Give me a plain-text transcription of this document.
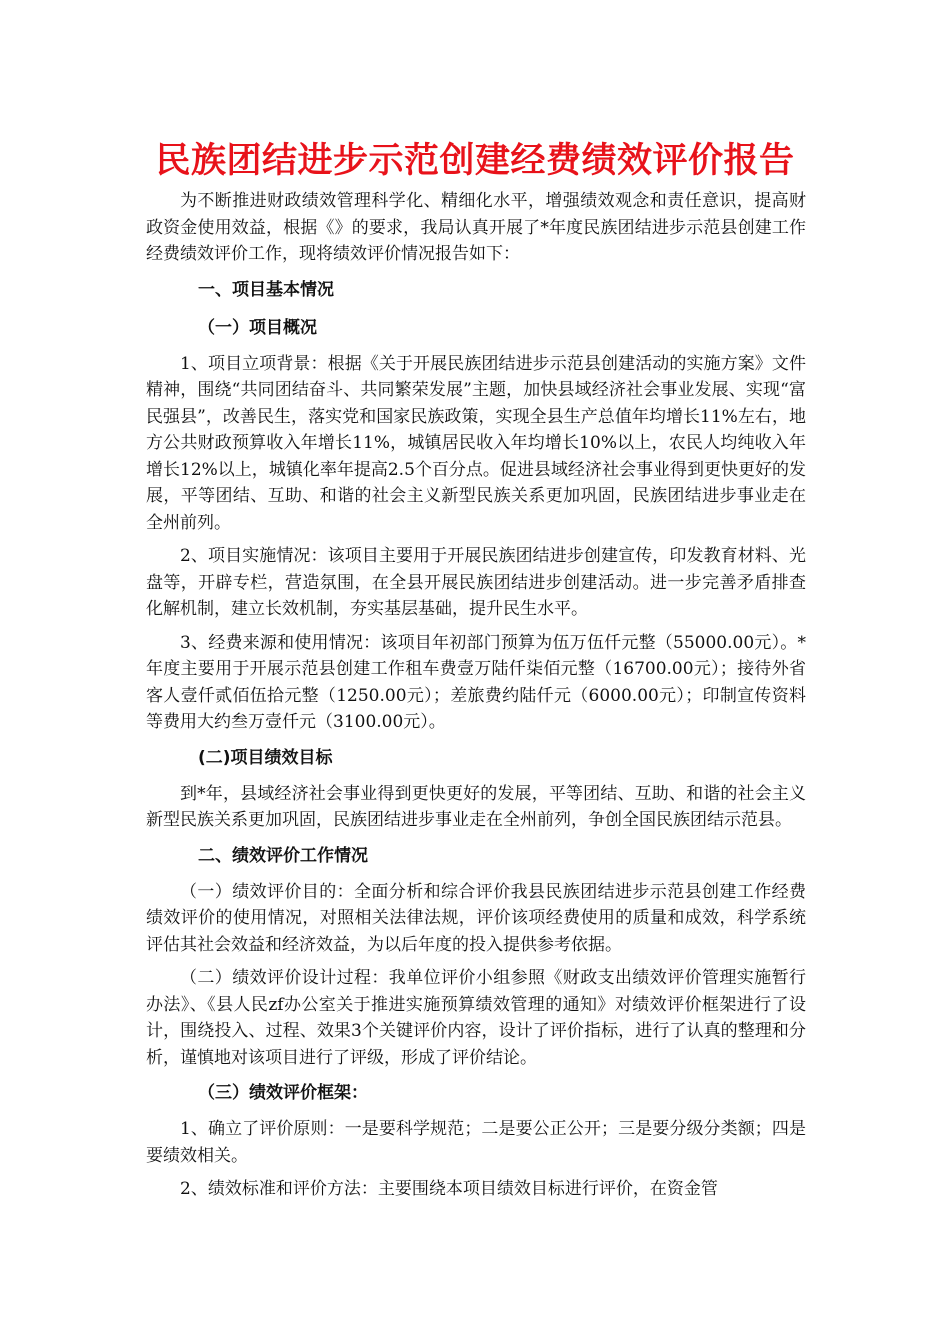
民族团结进步示范创建经费绩效评价报告

为不断推进财政绩效管理科学化、精细化水平，增强绩效观念和责任意识，提高财政资金使用效益，根据《》的要求，我局认真开展了*年度民族团结进步示范县创建工作经费绩效评价工作，现将绩效评价情况报告如下：

一、项目基本情况
（一）项目概况

1、项目立项背景：根据《关于开展民族团结进步示范县创建活动的实施方案》文件精神，围绕“共同团结奋斗、共同繁荣发展”主题，加快县域经济社会事业发展、实现“富民强县”，改善民生，落实党和国家民族政策，实现全县生产总值年均增长11%左右，地方公共财政预算收入年增长11%，城镇居民收入年均增长10%以上，农民人均纯收入年增长12%以上，城镇化率年提高2.5个百分点。促进县域经济社会事业得到更快更好的发展，平等团结、互助、和谐的社会主义新型民族关系更加巩固，民族团结进步事业走在全州前列。

2、项目实施情况：该项目主要用于开展民族团结进步创建宣传，印发教育材料、光盘等，开辟专栏，营造氛围，在全县开展民族团结进步创建活动。进一步完善矛盾排查化解机制，建立长效机制，夯实基层基础，提升民生水平。

3、经费来源和使用情况：该项目年初部门预算为伍万伍仟元整（55000.00元）。*年度主要用于开展示范县创建工作租车费壹万陆仟柒佰元整（16700.00元）；接待外省客人壹仟贰佰伍拾元整（1250.00元）；差旅费约陆仟元（6000.00元）；印制宣传资料等费用大约叁万壹仟元（3100.00元）。

(二)项目绩效目标

到*年，县域经济社会事业得到更快更好的发展，平等团结、互助、和谐的社会主义新型民族关系更加巩固，民族团结进步事业走在全州前列，争创全国民族团结示范县。

二、绩效评价工作情况

（一）绩效评价目的：全面分析和综合评价我县民族团结进步示范县创建工作经费绩效评价的使用情况，对照相关法律法规，评价该项经费使用的质量和成效，科学系统评估其社会效益和经济效益，为以后年度的投入提供参考依据。

（二）绩效评价设计过程：我单位评价小组参照《财政支出绩效评价管理实施暂行办法》、《县人民zf办公室关于推进实施预算绩效管理的通知》对绩效评价框架进行了设计，围绕投入、过程、效果3个关键评价内容，设计了评价指标，进行了认真的整理和分析，谨慎地对该项目进行了评级，形成了评价结论。

（三）绩效评价框架：

1、确立了评价原则：一是要科学规范；二是要公正公开；三是要分级分类额；四是要绩效相关。

2、绩效标准和评价方法：主要围绕本项目绩效目标进行评价，在资金管
